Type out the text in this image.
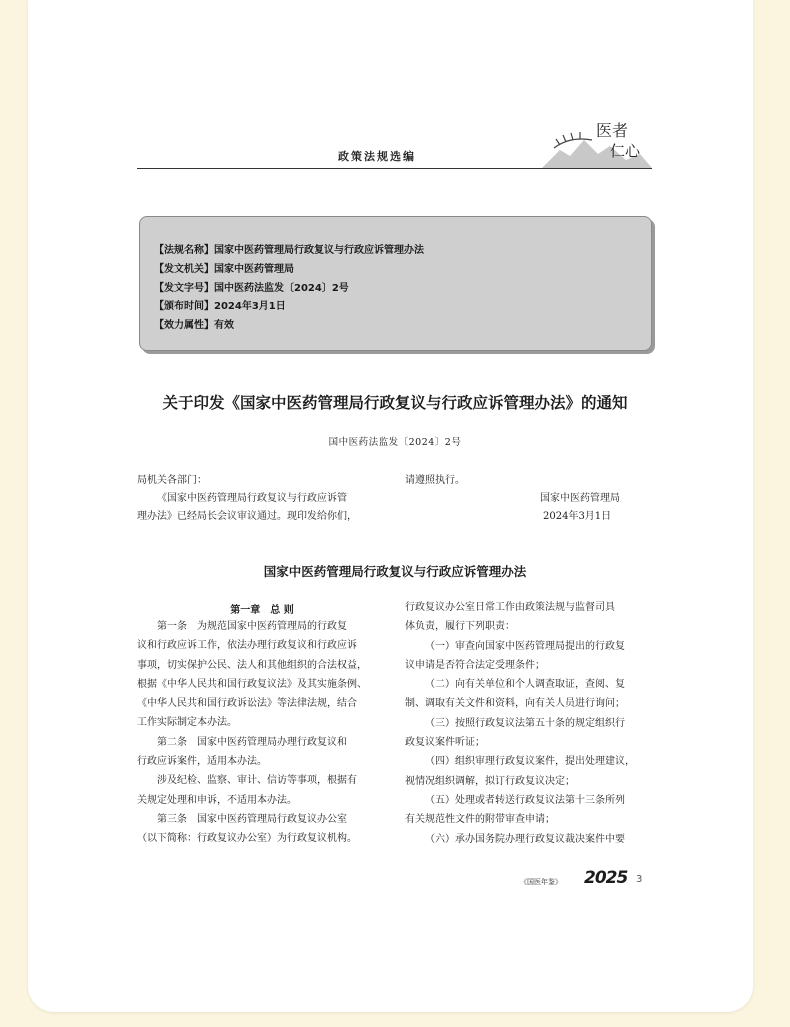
政策法规选编
医者
仁心
【法规名称】国家中医药管理局行政复议与行政应诉管理办法
【发文机关】国家中医药管理局
【发文字号】国中医药法监发〔2024〕2号
【颁布时间】2024年3月1日
【效力属性】有效
关于印发《国家中医药管理局行政复议与行政应诉管理办法》的通知
国中医药法监发〔2024〕2号
局机关各部门：
《国家中医药管理局行政复议与行政应诉管
理办法》已经局长会议审议通过。现印发给你们，
请遵照执行。
国家中医药管理局
2024年3月1日
国家中医药管理局行政复议与行政应诉管理办法
第一章　总 则
第一条　为规范国家中医药管理局的行政复
议和行政应诉工作，依法办理行政复议和行政应诉
事项，切实保护公民、法人和其他组织的合法权益，
根据《中华人民共和国行政复议法》及其实施条例、
《中华人民共和国行政诉讼法》等法律法规，结合
工作实际制定本办法。
第二条　国家中医药管理局办理行政复议和
行政应诉案件，适用本办法。
涉及纪检、监察、审计、信访等事项，根据有
关规定处理和申诉，不适用本办法。
第三条　国家中医药管理局行政复议办公室
（以下简称：行政复议办公室）为行政复议机构。
行政复议办公室日常工作由政策法规与监督司具
体负责，履行下列职责：
（一）审查向国家中医药管理局提出的行政复
议申请是否符合法定受理条件；
（二）向有关单位和个人调查取证，查阅、复
制、调取有关文件和资料，向有关人员进行询问；
（三）按照行政复议法第五十条的规定组织行
政复议案件听证；
（四）组织审理行政复议案件，提出处理建议，
视情况组织调解，拟订行政复议决定；
（五）处理或者转送行政复议法第十三条所列
有关规范性文件的附带审查申请；
（六）承办国务院办理行政复议裁决案件中要
《国医年鉴》 2025 3
